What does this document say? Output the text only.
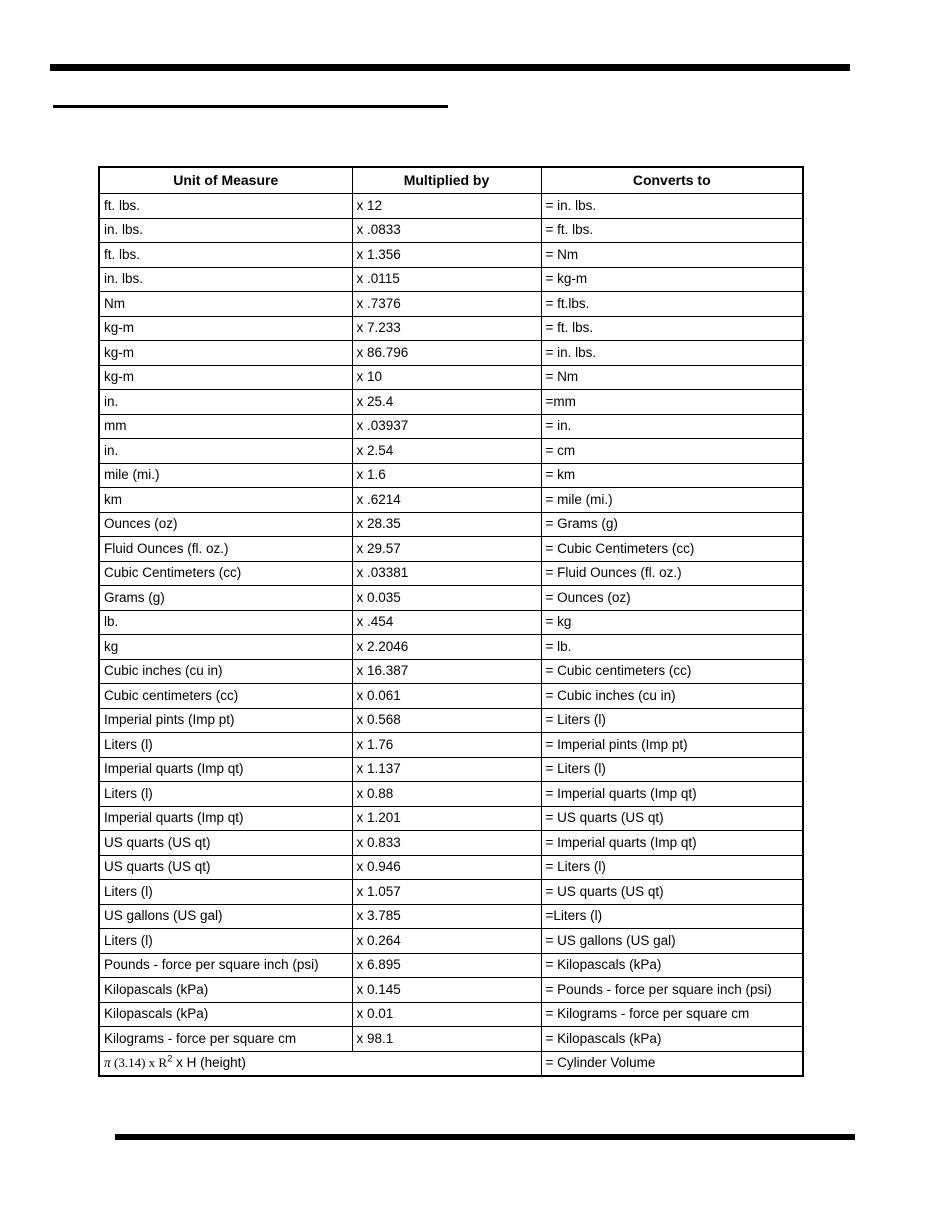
Unit of Measure	Multiplied by	Converts to
ft. lbs.	x 12	= in. lbs.
in. lbs.	x .0833	= ft. lbs.
ft. lbs.	x 1.356	= Nm
in. lbs.	x .0115	= kg-m
Nm	x .7376	= ft.lbs.
kg-m	x 7.233	= ft. lbs.
kg-m	x 86.796	= in. lbs.
kg-m	x 10	= Nm
in.	x 25.4	=mm
mm	x .03937	= in.
in.	x 2.54	= cm
mile (mi.)	x 1.6	= km
km	x .6214	= mile (mi.)
Ounces (oz)	x 28.35	= Grams (g)
Fluid Ounces (fl. oz.)	x 29.57	= Cubic Centimeters (cc)
Cubic Centimeters (cc)	x .03381	= Fluid Ounces (fl. oz.)
Grams (g)	x 0.035	= Ounces (oz)
lb.	x .454	= kg
kg	x 2.2046	= lb.
Cubic inches (cu in)	x 16.387	= Cubic centimeters (cc)
Cubic centimeters (cc)	x 0.061	= Cubic inches (cu in)
Imperial pints (Imp pt)	x 0.568	= Liters (l)
Liters (l)	x 1.76	= Imperial pints (Imp pt)
Imperial quarts (Imp qt)	x 1.137	= Liters (l)
Liters (l)	x 0.88	= Imperial quarts (Imp qt)
Imperial quarts (Imp qt)	x 1.201	= US quarts (US qt)
US quarts (US qt)	x 0.833	= Imperial quarts (Imp qt)
US quarts (US qt)	x 0.946	= Liters (l)
Liters (l)	x 1.057	= US quarts (US qt)
US gallons (US gal)	x 3.785	=Liters (l)
Liters (l)	x 0.264	= US gallons (US gal)
Pounds - force per square inch (psi)	x 6.895	= Kilopascals (kPa)
Kilopascals (kPa)	x 0.145	= Pounds - force per square inch (psi)
Kilopascals (kPa)	x 0.01	= Kilograms - force per square cm
Kilograms - force per square cm	x 98.1	= Kilopascals (kPa)
π (3.14) x $R^2$ x H (height)		= Cylinder Volume
